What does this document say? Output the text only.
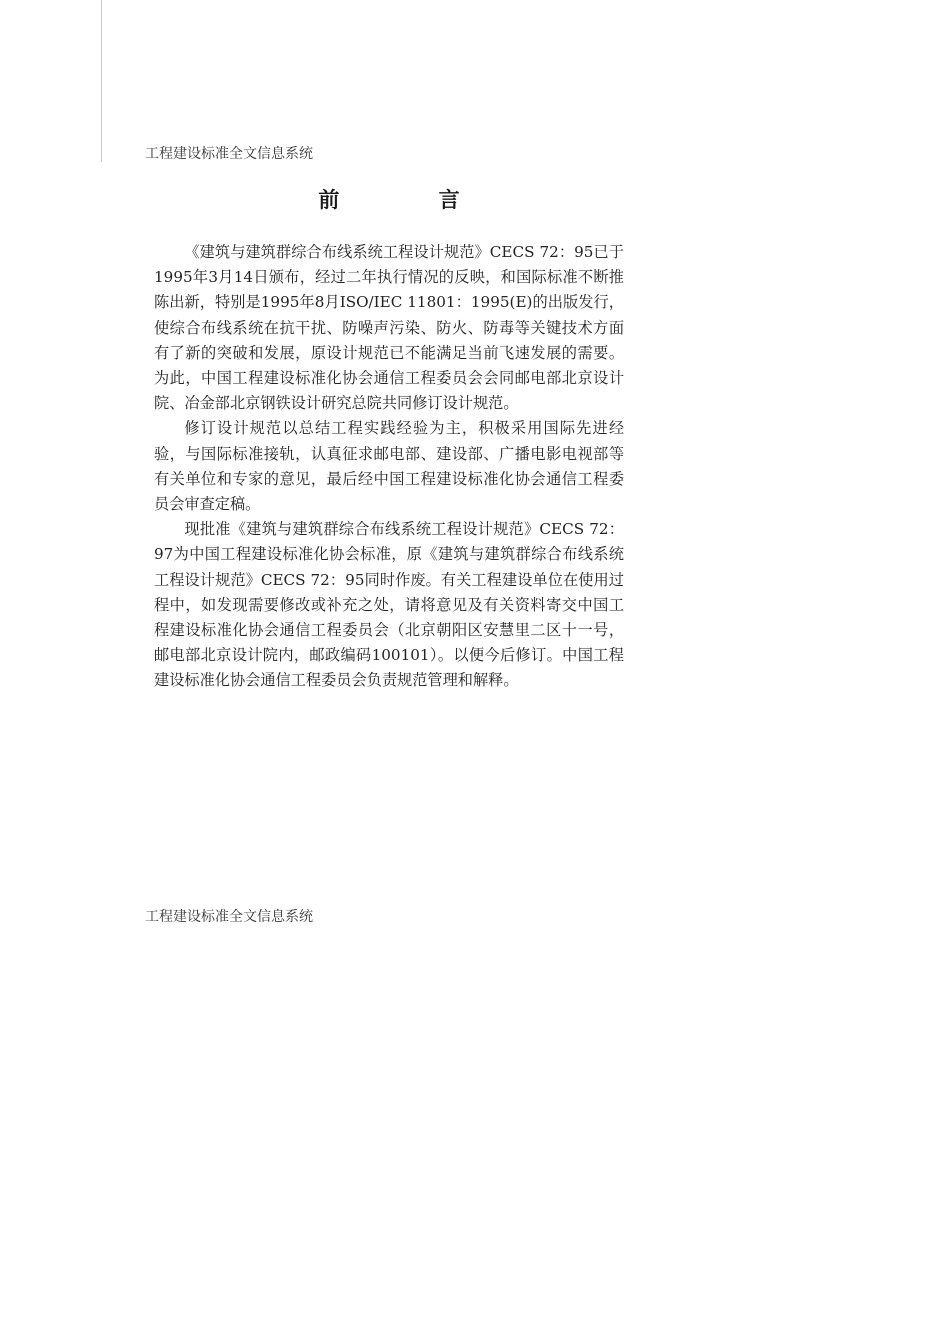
工程建设标准全文信息系统
前 言

《建筑与建筑群综合布线系统工程设计规范》CECS 72：95已于1995年3月14日颁布，经过二年执行情况的反映，和国际标准不断推陈出新，特别是1995年8月ISO/IEC 11801：1995(E)的出版发行，使综合布线系统在抗干扰、防噪声污染、防火、防毒等关键技术方面有了新的突破和发展，原设计规范已不能满足当前飞速发展的需要。为此，中国工程建设标准化协会通信工程委员会会同邮电部北京设计院、冶金部北京钢铁设计研究总院共同修订设计规范。

修订设计规范以总结工程实践经验为主，积极采用国际先进经验，与国际标准接轨，认真征求邮电部、建设部、广播电影电视部等有关单位和专家的意见，最后经中国工程建设标准化协会通信工程委员会审查定稿。

现批准《建筑与建筑群综合布线系统工程设计规范》CECS 72：97为中国工程建设标准化协会标准，原《建筑与建筑群综合布线系统工程设计规范》CECS 72：95同时作废。有关工程建设单位在使用过程中，如发现需要修改或补充之处，请将意见及有关资料寄交中国工程建设标准化协会通信工程委员会（北京朝阳区安慧里二区十一号，邮电部北京设计院内，邮政编码100101）。以便今后修订。中国工程建设标准化协会通信工程委员会负责规范管理和解释。

工程建设标准全文信息系统
